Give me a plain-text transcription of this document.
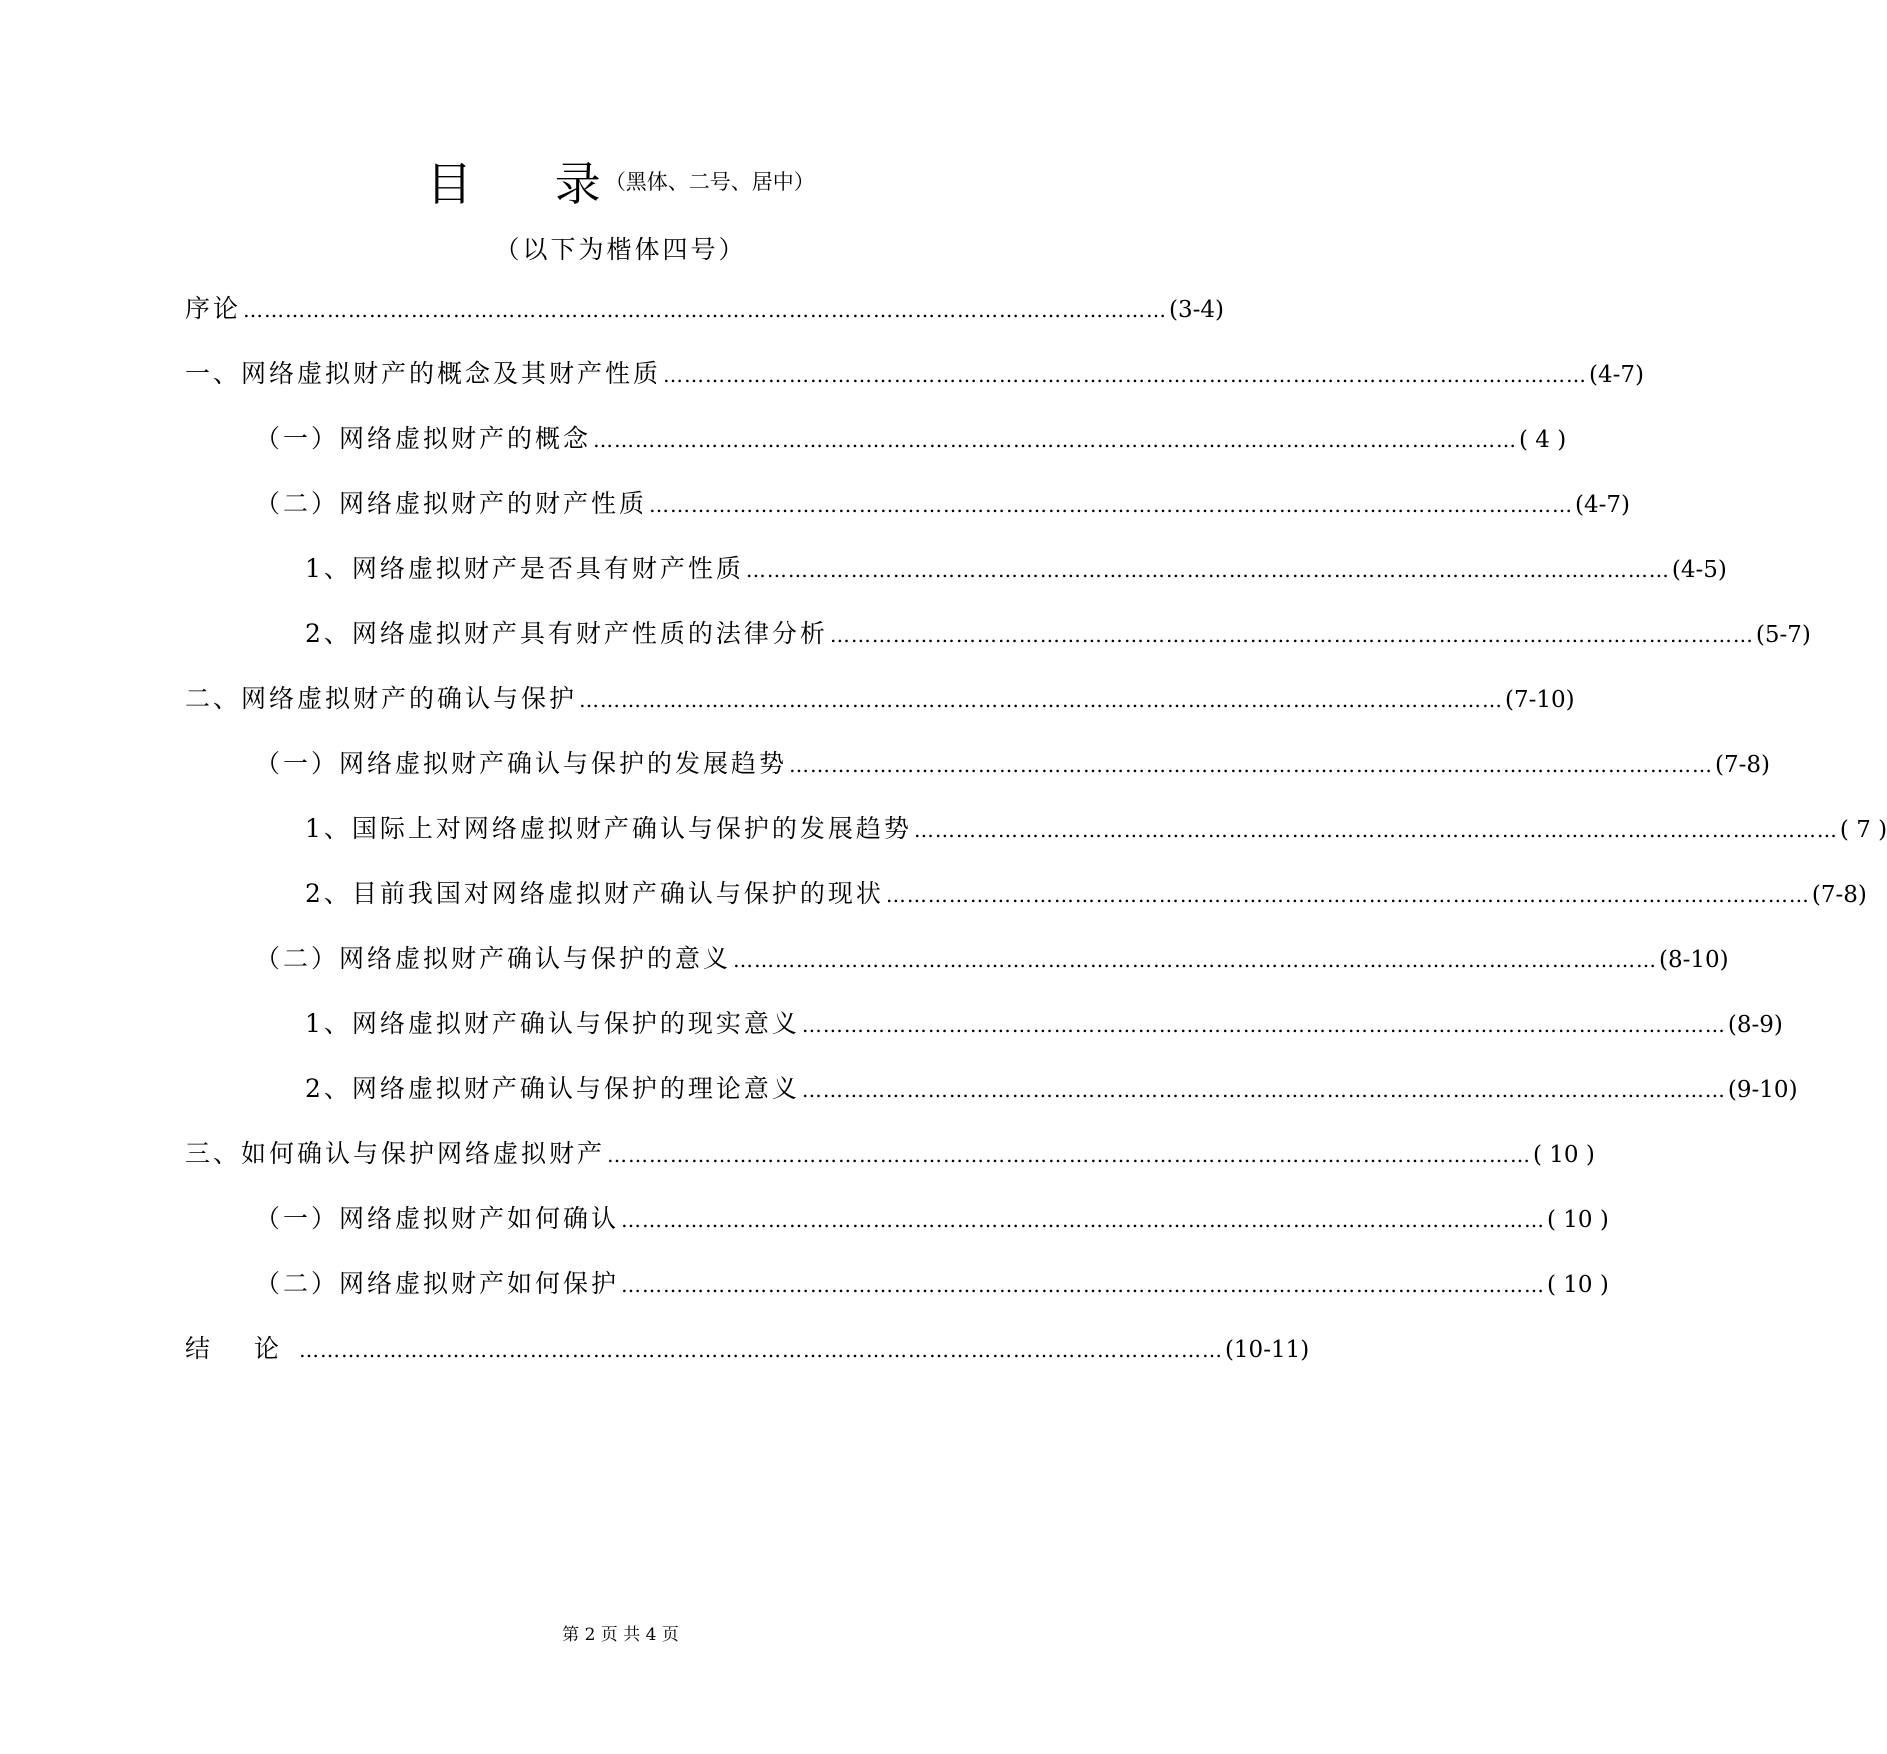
目 录（黑体、二号、居中）
（以下为楷体四号）
序论 …………………………………………………………………………………………………………………… (3-4)
一、网络虚拟财产的概念及其财产性质 …………………………………………………………………………………………………………………… (4-7)
（一）网络虚拟财产的概念 …………………………………………………………………………………………………………………… ( 4 )
（二）网络虚拟财产的财产性质 …………………………………………………………………………………………………………………… (4-7)
1、网络虚拟财产是否具有财产性质 …………………………………………………………………………………………………………………… (4-5)
2、网络虚拟财产具有财产性质的法律分析 …………………………………………………………………………………………………………………… (5-7)
二、网络虚拟财产的确认与保护 …………………………………………………………………………………………………………………… (7-10)
（一）网络虚拟财产确认与保护的发展趋势 …………………………………………………………………………………………………………………… (7-8)
1、国际上对网络虚拟财产确认与保护的发展趋势 …………………………………………………………………………………………………………………… ( 7 )
2、目前我国对网络虚拟财产确认与保护的现状 …………………………………………………………………………………………………………………… (7-8)
（二）网络虚拟财产确认与保护的意义 …………………………………………………………………………………………………………………… (8-10)
1、网络虚拟财产确认与保护的现实意义 …………………………………………………………………………………………………………………… (8-9)
2、网络虚拟财产确认与保护的理论意义 …………………………………………………………………………………………………………………… (9-10)
三、如何确认与保护网络虚拟财产 …………………………………………………………………………………………………………………… ( 10 )
（一）网络虚拟财产如何确认 …………………………………………………………………………………………………………………… ( 10 )
（二）网络虚拟财产如何保护 …………………………………………………………………………………………………………………… ( 10 )
结 论 …………………………………………………………………………………………………………………… (10-11)
第 2 页 共 4 页
